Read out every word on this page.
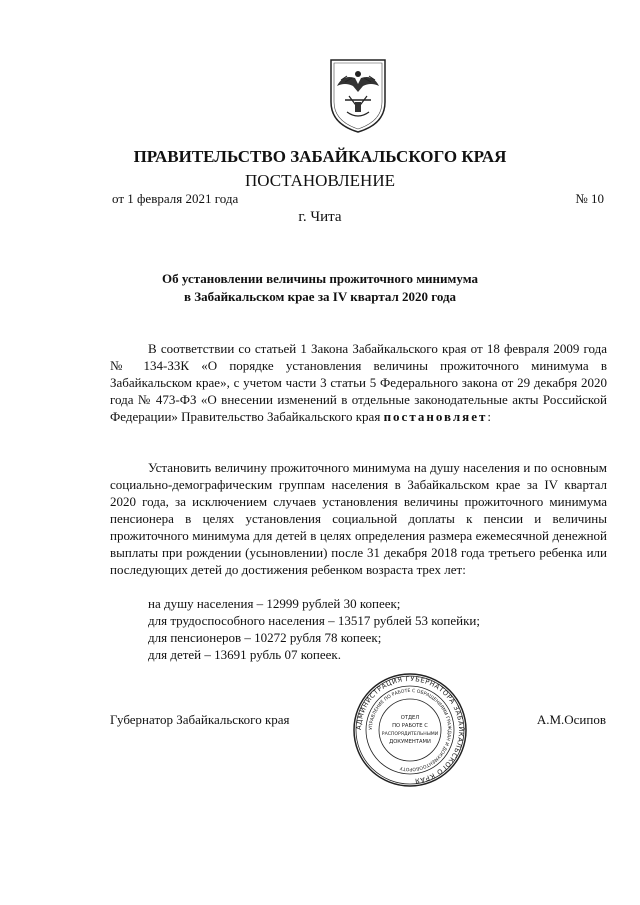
ПРАВИТЕЛЬСТВО ЗАБАЙКАЛЬСКОГО КРАЯ
ПОСТАНОВЛЕНИЕ
от 1 февраля 2021 года	№ 10
г. Чита
Об установлении величины прожиточного минимума
в Забайкальском крае за IV квартал 2020 года
В соответствии со статьей 1 Закона Забайкальского края от 18 февраля 2009 года № 134-ЗЗК «О порядке установления величины прожиточного минимума в Забайкальском крае», с учетом части 3 статьи 5 Федерального закона от 29 декабря 2020 года № 473-ФЗ «О внесении изменений в отдельные законодательные акты Российской Федерации» Правительство Забайкальского края постановляет:
Установить величину прожиточного минимума на душу населения и по основным социально-демографическим группам населения в Забайкальском крае за IV квартал 2020 года, за исключением случаев установления величины прожиточного минимума пенсионера в целях установления социальной доплаты к пенсии и величины прожиточного минимума для детей в целях определения размера ежемесячной денежной выплаты при рождении (усыновлении) после 31 декабря 2018 года третьего ребенка или последующих детей до достижения ребенком возраста трех лет:
на душу населения – 12999 рублей 30 копеек;
для трудоспособного населения – 13517 рублей 53 копейки;
для пенсионеров – 10272 рубля 78 копеек;
для детей – 13691 рубль 07 копеек.
Губернатор Забайкальского края	А.М.Осипов
АДМИНИСТРАЦИЯ ГУБЕРНАТОРА ЗАБАЙКАЛЬСКОГО КРАЯ
УПРАВЛЕНИЕ ПО РАБОТЕ С ОБРАЩЕНИЯМИ ГРАЖДАН И ДОКУМЕНТООБОРОТУ
ОТДЕЛ
ПО РАБОТЕ С
РАСПОРЯДИТЕЛЬНЫМИ
ДОКУМЕНТАМИ
